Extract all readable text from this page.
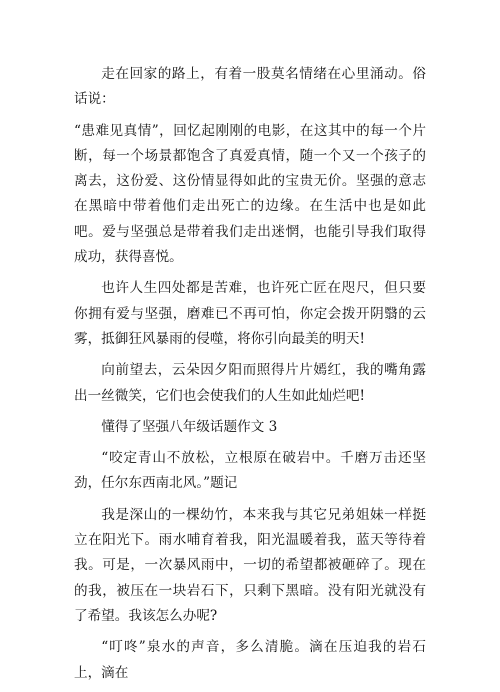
走在回家的路上，有着一股莫名情绪在心里涌动。俗话说：

“患难见真情”，回忆起刚刚的电影，在这其中的每一个片断，每一个场景都饱含了真爱真情，随一个又一个孩子的离去，这份爱、这份情显得如此的宝贵无价。坚强的意志在黑暗中带着他们走出死亡的边缘。在生活中也是如此吧。爱与坚强总是带着我们走出迷惘，也能引导我们取得成功，获得喜悦。

也许人生四处都是苦难，也许死亡匠在咫尺，但只要你拥有爱与坚强，磨难已不再可怕，你定会拨开阴翳的云雾，抵御狂风暴雨的侵噬，将你引向最美的明天!

向前望去，云朵因夕阳而照得片片嫣红，我的嘴角露出一丝微笑，它们也会使我们的人生如此灿烂吧!

懂得了坚强八年级话题作文 3

“咬定青山不放松，立根原在破岩中。千磨万击还坚劲，任尔东西南北风。”题记

我是深山的一棵幼竹，本来我与其它兄弟姐妹一样挺立在阳光下。雨水哺育着我，阳光温暖着我，蓝天等待着我。可是，一次暴风雨中，一切的希望都被砸碎了。现在的我，被压在一块岩石下，只剩下黑暗。没有阳光就没有了希望。我该怎么办呢?

“叮咚”泉水的声音，多么清脆。滴在压迫我的岩石上，滴在
